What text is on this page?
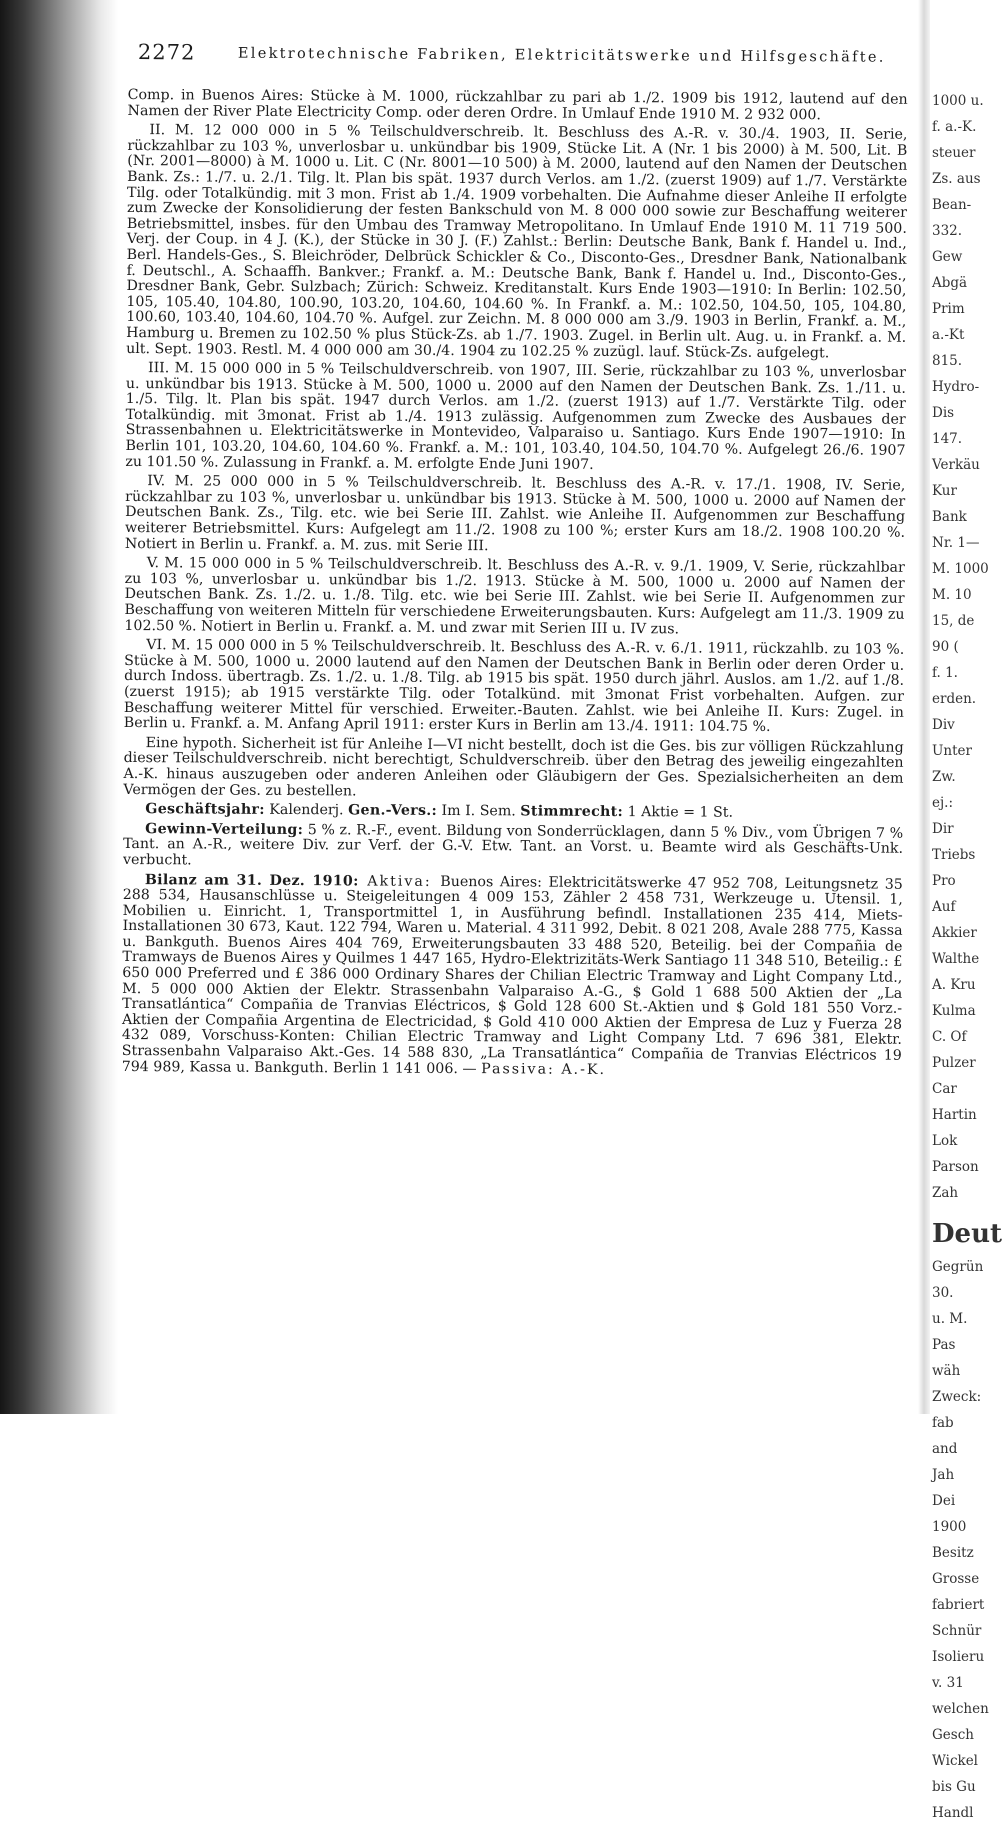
2272	Elektrotechnische Fabriken, Elektricitätswerke und Hilfsgeschäfte.

Comp. in Buenos Aires: Stücke à M. 1000, rückzahlbar zu pari ab 1./2. 1909 bis 1912, lautend auf den Namen der River Plate Electricity Comp. oder deren Ordre. In Umlauf Ende 1910 M. 2 932 000.

II. M. 12 000 000 in 5 % Teilschuldverschreib. lt. Beschluss des A.-R. v. 30./4. 1903, II. Serie, rückzahlbar zu 103 %, unverlosbar u. unkündbar bis 1909, Stücke Lit. A (Nr. 1 bis 2000) à M. 500, Lit. B (Nr. 2001—8000) à M. 1000 u. Lit. C (Nr. 8001—10 500) à M. 2000, lautend auf den Namen der Deutschen Bank. Zs.: 1./7. u. 2./1. Tilg. lt. Plan bis spät. 1937 durch Verlos. am 1./2. (zuerst 1909) auf 1./7. Verstärkte Tilg. oder Totalkündig. mit 3 mon. Frist ab 1./4. 1909 vorbehalten. Die Aufnahme dieser Anleihe II erfolgte zum Zwecke der Konsolidierung der festen Bankschuld von M. 8 000 000 sowie zur Beschaffung weiterer Betriebsmittel, insbes. für den Umbau des Tramway Metropolitano. In Umlauf Ende 1910 M. 11 719 500. Verj. der Coup. in 4 J. (K.), der Stücke in 30 J. (F.) Zahlst.: Berlin: Deutsche Bank, Bank f. Handel u. Ind., Berl. Handels-Ges., S. Bleichröder, Delbrück Schickler & Co., Disconto-Ges., Dresdner Bank, Nationalbank f. Deutschl., A. Schaaffh. Bankver.; Frankf. a. M.: Deutsche Bank, Bank f. Handel u. Ind., Disconto-Ges., Dresdner Bank, Gebr. Sulzbach; Zürich: Schweiz. Kreditanstalt. Kurs Ende 1903—1910: In Berlin: 102.50, 105, 105.40, 104.80, 100.90, 103.20, 104.60, 104.60 %. In Frankf. a. M.: 102.50, 104.50, 105, 104.80, 100.60, 103.40, 104.60, 104.70 %. Aufgel. zur Zeichn. M. 8 000 000 am 3./9. 1903 in Berlin, Frankf. a. M., Hamburg u. Bremen zu 102.50 % plus Stück-Zs. ab 1./7. 1903. Zugel. in Berlin ult. Aug. u. in Frankf. a. M. ult. Sept. 1903. Restl. M. 4 000 000 am 30./4. 1904 zu 102.25 % zuzügl. lauf. Stück-Zs. aufgelegt.

III. M. 15 000 000 in 5 % Teilschuldverschreib. von 1907, III. Serie, rückzahlbar zu 103 %, unverlosbar u. unkündbar bis 1913. Stücke à M. 500, 1000 u. 2000 auf den Namen der Deutschen Bank. Zs. 1./11. u. 1./5. Tilg. lt. Plan bis spät. 1947 durch Verlos. am 1./2. (zuerst 1913) auf 1./7. Verstärkte Tilg. oder Totalkündig. mit 3monat. Frist ab 1./4. 1913 zulässig. Aufgenommen zum Zwecke des Ausbaues der Strassenbahnen u. Elektricitätswerke in Montevideo, Valparaiso u. Santiago. Kurs Ende 1907—1910: In Berlin 101, 103.20, 104.60, 104.60 %. Frankf. a. M.: 101, 103.40, 104.50, 104.70 %. Aufgelegt 26./6. 1907 zu 101.50 %. Zulassung in Frankf. a. M. erfolgte Ende Juni 1907.

IV. M. 25 000 000 in 5 % Teilschuldverschreib. lt. Beschluss des A.-R. v. 17./1. 1908, IV. Serie, rückzahlbar zu 103 %, unverlosbar u. unkündbar bis 1913. Stücke à M. 500, 1000 u. 2000 auf Namen der Deutschen Bank. Zs., Tilg. etc. wie bei Serie III. Zahlst. wie Anleihe II. Aufgenommen zur Beschaffung weiterer Betriebsmittel. Kurs: Aufgelegt am 11./2. 1908 zu 100 %; erster Kurs am 18./2. 1908 100.20 %. Notiert in Berlin u. Frankf. a. M. zus. mit Serie III.

V. M. 15 000 000 in 5 % Teilschuldverschreib. lt. Beschluss des A.-R. v. 9./1. 1909, V. Serie, rückzahlbar zu 103 %, unverlosbar u. unkündbar bis 1./2. 1913. Stücke à M. 500, 1000 u. 2000 auf Namen der Deutschen Bank. Zs. 1./2. u. 1./8. Tilg. etc. wie bei Serie III. Zahlst. wie bei Serie II. Aufgenommen zur Beschaffung von weiteren Mitteln für verschiedene Erweiterungsbauten. Kurs: Aufgelegt am 11./3. 1909 zu 102.50 %. Notiert in Berlin u. Frankf. a. M. und zwar mit Serien III u. IV zus.

VI. M. 15 000 000 in 5 % Teilschuldverschreib. lt. Beschluss des A.-R. v. 6./1. 1911, rückzahlb. zu 103 %. Stücke à M. 500, 1000 u. 2000 lautend auf den Namen der Deutschen Bank in Berlin oder deren Order u. durch Indoss. übertragb. Zs. 1./2. u. 1./8. Tilg. ab 1915 bis spät. 1950 durch jährl. Auslos. am 1./2. auf 1./8. (zuerst 1915); ab 1915 verstärkte Tilg. oder Totalkünd. mit 3monat Frist vorbehalten. Aufgen. zur Beschaffung weiterer Mittel für verschied. Erweiter.-Bauten. Zahlst. wie bei Anleihe II. Kurs: Zugel. in Berlin u. Frankf. a. M. Anfang April 1911: erster Kurs in Berlin am 13./4. 1911: 104.75 %.

Eine hypoth. Sicherheit ist für Anleihe I—VI nicht bestellt, doch ist die Ges. bis zur völligen Rückzahlung dieser Teilschuldverschreib. nicht berechtigt, Schuldverschreib. über den Betrag des jeweilig eingezahlten A.-K. hinaus auszugeben oder anderen Anleihen oder Gläubigern der Ges. Spezialsicherheiten an dem Vermögen der Ges. zu bestellen.

Geschäftsjahr: Kalenderj. Gen.-Vers.: Im I. Sem. Stimmrecht: 1 Aktie = 1 St.

Gewinn-Verteilung: 5 % z. R.-F., event. Bildung von Sonderrücklagen, dann 5 % Div., vom Übrigen 7 % Tant. an A.-R., weitere Div. zur Verf. der G.-V. Etw. Tant. an Vorst. u. Beamte wird als Geschäfts-Unk. verbucht.

Bilanz am 31. Dez. 1910: Aktiva: Buenos Aires: Elektricitätswerke 47 952 708, Leitungsnetz 35 288 534, Hausanschlüsse u. Steigeleitungen 4 009 153, Zähler 2 458 731, Werkzeuge u. Utensil. 1, Mobilien u. Einricht. 1, Transportmittel 1, in Ausführung befindl. Installationen 235 414, Miets-Installationen 30 673, Kaut. 122 794, Waren u. Material. 4 311 992, Debit. 8 021 208, Avale 288 775, Kassa u. Bankguth. Buenos Aires 404 769, Erweiterungsbauten 33 488 520, Beteilig. bei der Compañia de Tramways de Buenos Aires y Quilmes 1 447 165, Hydro-Elektrizitäts-Werk Santiago 11 348 510, Beteilig.: £ 650 000 Preferred und £ 386 000 Ordinary Shares der Chilian Electric Tramway and Light Company Ltd., M. 5 000 000 Aktien der Elektr. Strassenbahn Valparaiso A.-G., $ Gold 1 688 500 Aktien der „La Transatlántica“ Compañia de Tranvias Eléctricos, $ Gold 128 600 St.-Aktien und $ Gold 181 550 Vorz.-Aktien der Compañia Argentina de Electricidad, $ Gold 410 000 Aktien der Empresa de Luz y Fuerza 28 432 089, Vorschuss-Konten: Chilian Electric Tramway and Light Company Ltd. 7 696 381, Elektr. Strassenbahn Valparaiso Akt.-Ges. 14 588 830, „La Transatlántica“ Compañia de Tranvias Eléctricos 19 794 989, Kassa u. Bankguth. Berlin 1 141 006. — Passiva: A.-K.

1000 u.
f. a.-K.
steuer
Zs. aus
Bean-
332.
Gew
Abgä
Prim
a.-Kt
815.
Hydro-
Dis
147.
Verkäu
Kur
Bank
Nr. 1—
M. 1000
M. 10
15, de
90 (
f. 1.
erden.
Div
Unter
Zw.
ej.:
Dir
Triebs
Pro
Auf
Akkier
Walthe
A. Kru
Kulma
C. Of
Pulzer
Car
Hartin
Lok
Parson
Zah
Deut
Gegrün
30.
u. M.
Pas
wäh
Zweck:
fab
and
Jah
Dei
1900
Besitz
Grosse
fabriert
Schnür
Isolieru
v. 31
welchen
Gesch
Wickel
bis Gu
Handl
